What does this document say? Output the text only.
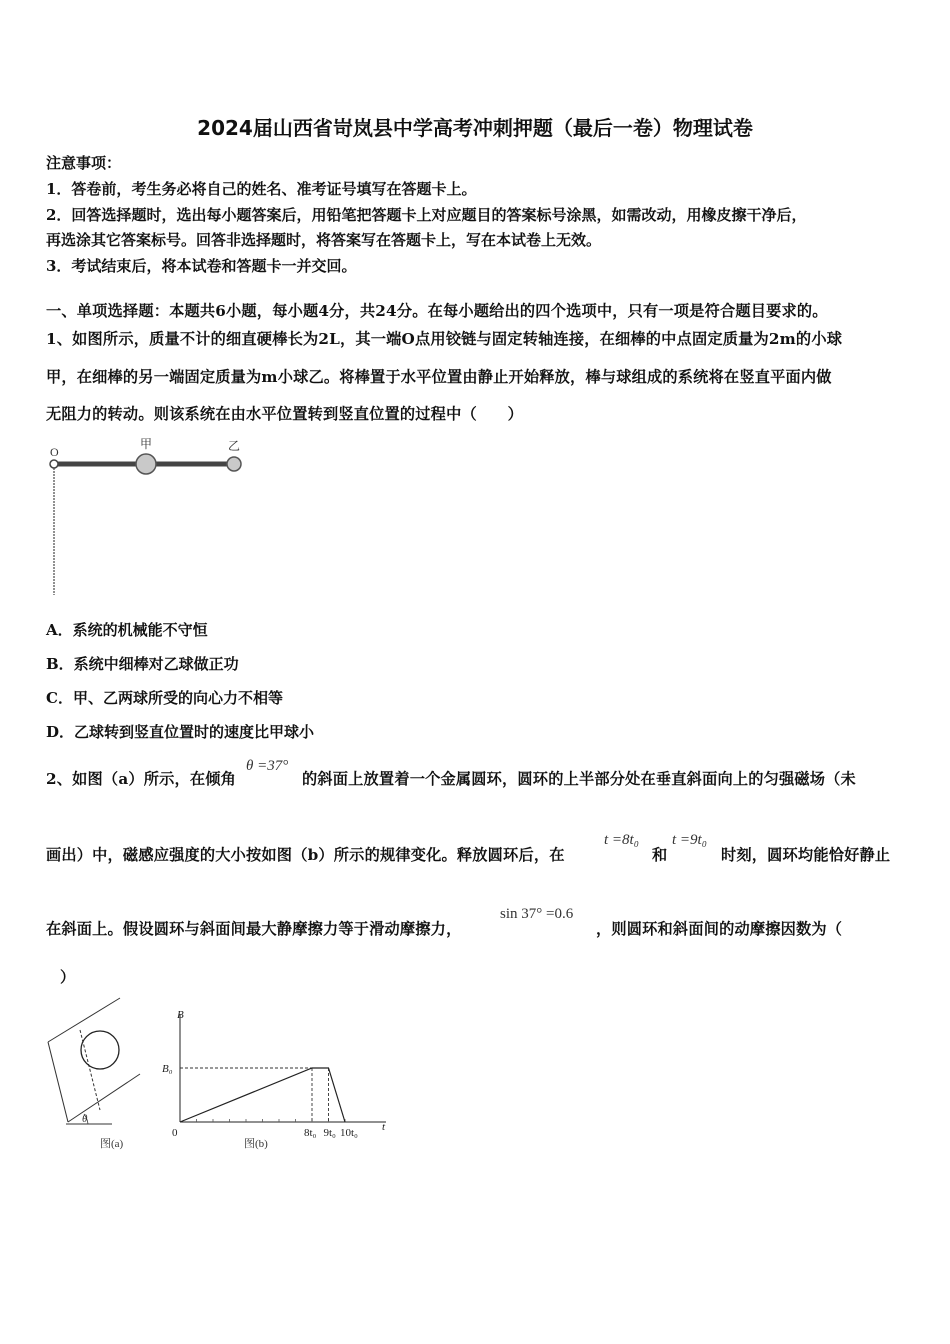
2024届山西省岢岚县中学高考冲刺押题（最后一卷）物理试卷
注意事项：
1．答卷前，考生务必将自己的姓名、准考证号填写在答题卡上。
2．回答选择题时，选出每小题答案后，用铅笔把答题卡上对应题目的答案标号涂黑，如需改动，用橡皮擦干净后，
再选涂其它答案标号。回答非选择题时，将答案写在答题卡上，写在本试卷上无效。
3．考试结束后，将本试卷和答题卡一并交回。
一、单项选择题：本题共6小题，每小题4分，共24分。在每小题给出的四个选项中，只有一项是符合题目要求的。
1、如图所示，质量不计的细直硬棒长为2L，其一端O点用铰链与固定转轴连接，在细棒的中点固定质量为2m的小球
甲，在细棒的另一端固定质量为m小球乙。将棒置于水平位置由静止开始释放，棒与球组成的系统将在竖直平面内做
无阻力的转动。则该系统在由水平位置转到竖直位置的过程中（　　）
O
甲	乙
A．系统的机械能不守恒
B．系统中细棒对乙球做正功
C．甲、乙两球所受的向心力不相等
D．乙球转到竖直位置时的速度比甲球小
2、如图（a）所示，在倾角
θ =37°
的斜面上放置着一个金属圆环，圆环的上半部分处在垂直斜面向上的匀强磁场（未
画出）中，磁感应强度的大小按如图（b）所示的规律变化。释放圆环后，在
t =8t₀
和
t =9t₀
时刻，圆环均能恰好静止
在斜面上。假设圆环与斜面间最大静摩擦力等于滑动摩擦力，
sin 37° =0.6
，则圆环和斜面间的动摩擦因数为（
）
θ
图(a)
B
t
0
B₀
8t₀ 9t₀ 10t₀
图(b)
